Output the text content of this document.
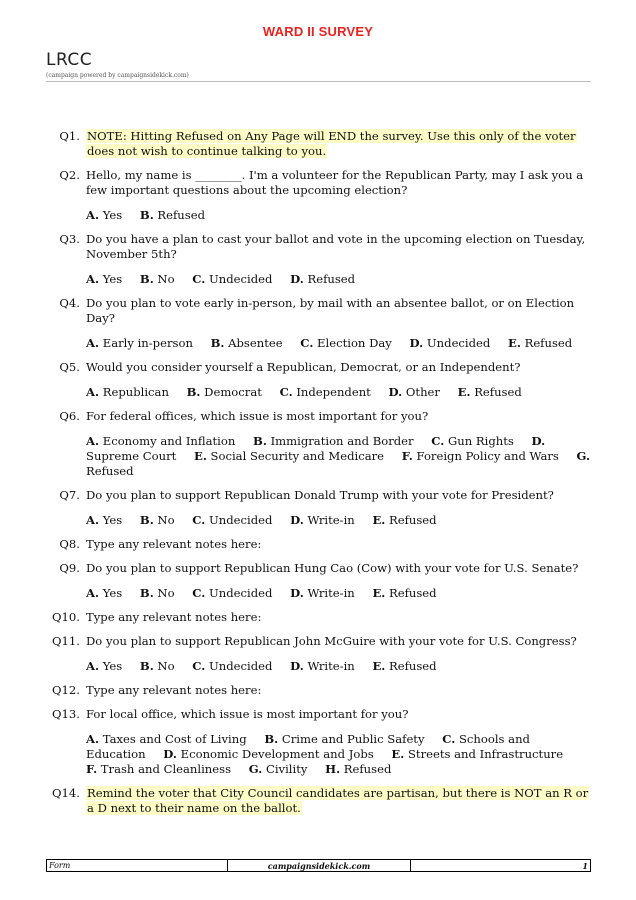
WARD II SURVEY
LRCC
(campaign powered by campaignsidekick.com)
Q1. NOTE: Hitting Refused on Any Page will END the survey. Use this only of the voter does not wish to continue talking to you.
Q2. Hello, my name is ________. I'm a volunteer for the Republican Party, may I ask you a few important questions about the upcoming election?
A. Yes B. Refused
Q3. Do you have a plan to cast your ballot and vote in the upcoming election on Tuesday, November 5th?
A. Yes B. No C. Undecided D. Refused
Q4. Do you plan to vote early in-person, by mail with an absentee ballot, or on Election Day?
A. Early in-person B. Absentee C. Election Day D. Undecided E. Refused
Q5. Would you consider yourself a Republican, Democrat, or an Independent?
A. Republican B. Democrat C. Independent D. Other E. Refused
Q6. For federal offices, which issue is most important for you?
A. Economy and Inflation B. Immigration and Border C. Gun Rights D. Supreme Court E. Social Security and Medicare F. Foreign Policy and Wars G. Refused
Q7. Do you plan to support Republican Donald Trump with your vote for President?
A. Yes B. No C. Undecided D. Write-in E. Refused
Q8. Type any relevant notes here:
Q9. Do you plan to support Republican Hung Cao (Cow) with your vote for U.S. Senate?
A. Yes B. No C. Undecided D. Write-in E. Refused
Q10. Type any relevant notes here:
Q11. Do you plan to support Republican John McGuire with your vote for U.S. Congress?
A. Yes B. No C. Undecided D. Write-in E. Refused
Q12. Type any relevant notes here:
Q13. For local office, which issue is most important for you?
A. Taxes and Cost of Living B. Crime and Public Safety C. Schools and Education D. Economic Development and Jobs E. Streets and Infrastructure F. Trash and Cleanliness G. Civility H. Refused
Q14. Remind the voter that City Council candidates are partisan, but there is NOT an R or a D next to their name on the ballot.
Form	campaignsidekick.com	1
